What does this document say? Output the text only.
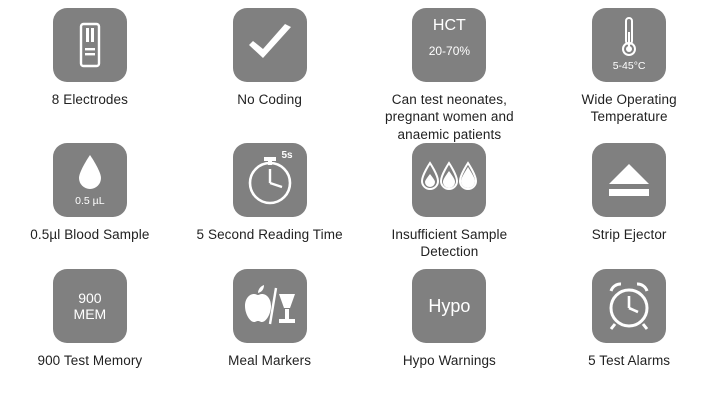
8 Electrodes	No Coding
HCT
20-70%
Can test neonates, pregnant women and anaemic patients
5-45°C
Wide Operating Temperature
0.5 µL
0.5µl Blood Sample
5s
5 Second Reading Time	Insufficient Sample Detection
Strip Ejector
900
MEM
900 Test Memory	Meal Markers
Hypo
Hypo Warnings	5 Test Alarms
